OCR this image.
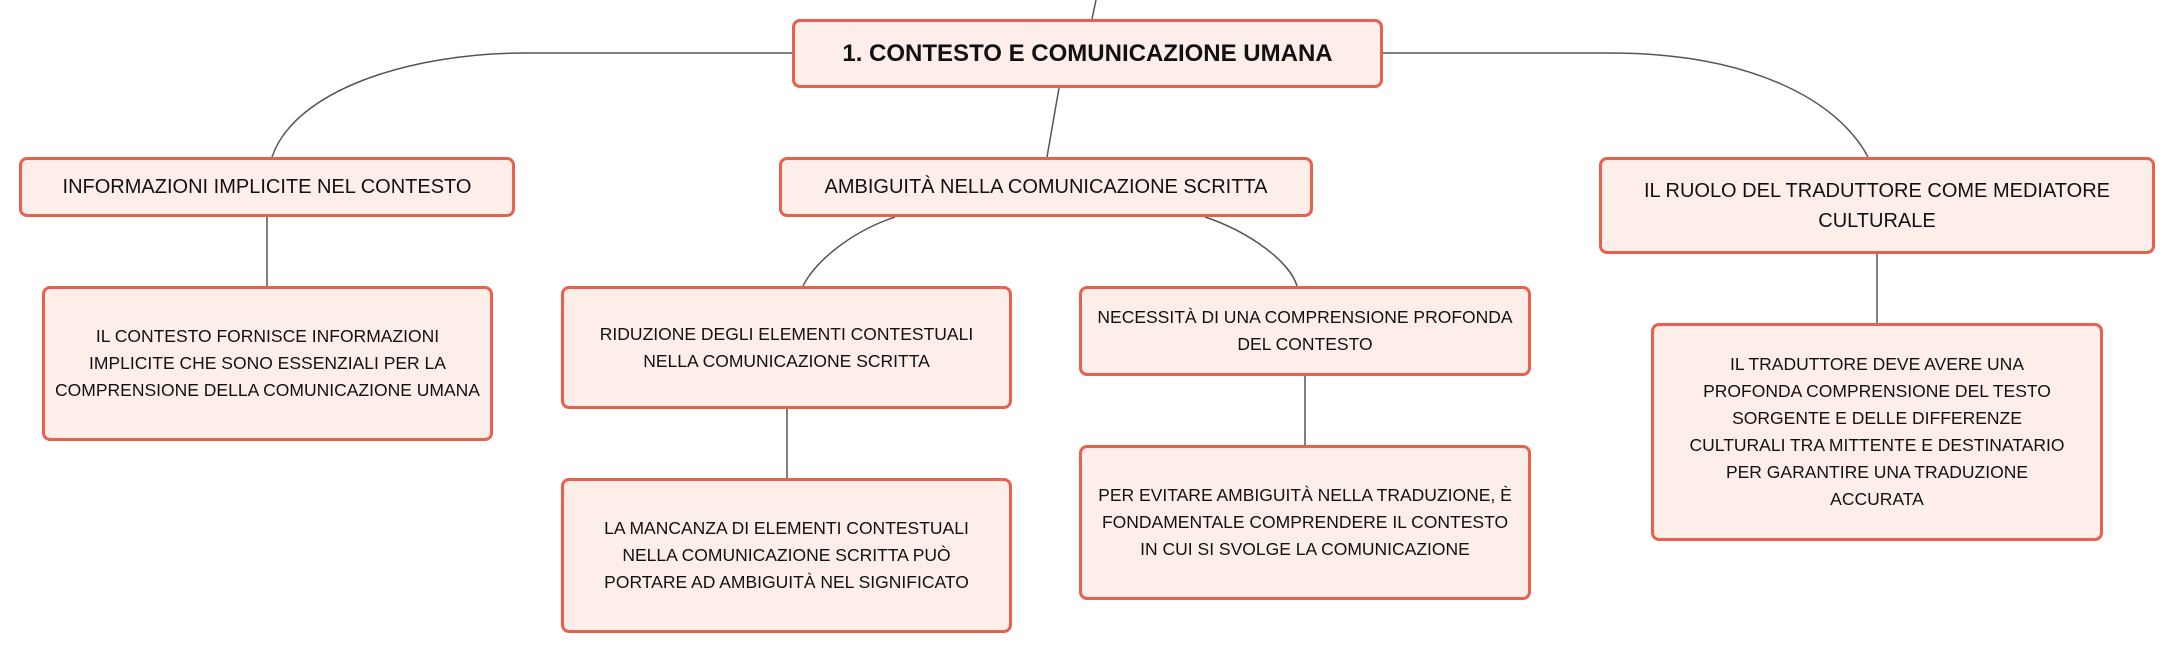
1. CONTESTO E COMUNICAZIONE UMANA
INFORMAZIONI IMPLICITE NEL CONTESTO	AMBIGUITÀ NELLA COMUNICAZIONE SCRITTA	IL RUOLO DEL TRADUTTORE COME MEDIATORE CULTURALE
IL CONTESTO FORNISCE INFORMAZIONI IMPLICITE CHE SONO ESSENZIALI PER LA COMPRENSIONE DELLA COMUNICAZIONE UMANA
RIDUZIONE DEGLI ELEMENTI CONTESTUALI NELLA COMUNICAZIONE SCRITTA
NECESSITÀ DI UNA COMPRENSIONE PROFONDA DEL CONTESTO
LA MANCANZA DI ELEMENTI CONTESTUALI NELLA COMUNICAZIONE SCRITTA PUÒ PORTARE AD AMBIGUITÀ NEL SIGNIFICATO
PER EVITARE AMBIGUITÀ NELLA TRADUZIONE, È FONDAMENTALE COMPRENDERE IL CONTESTO IN CUI SI SVOLGE LA COMUNICAZIONE
IL TRADUTTORE DEVE AVERE UNA PROFONDA COMPRENSIONE DEL TESTO SORGENTE E DELLE DIFFERENZE CULTURALI TRA MITTENTE E DESTINATARIO PER GARANTIRE UNA TRADUZIONE ACCURATA
